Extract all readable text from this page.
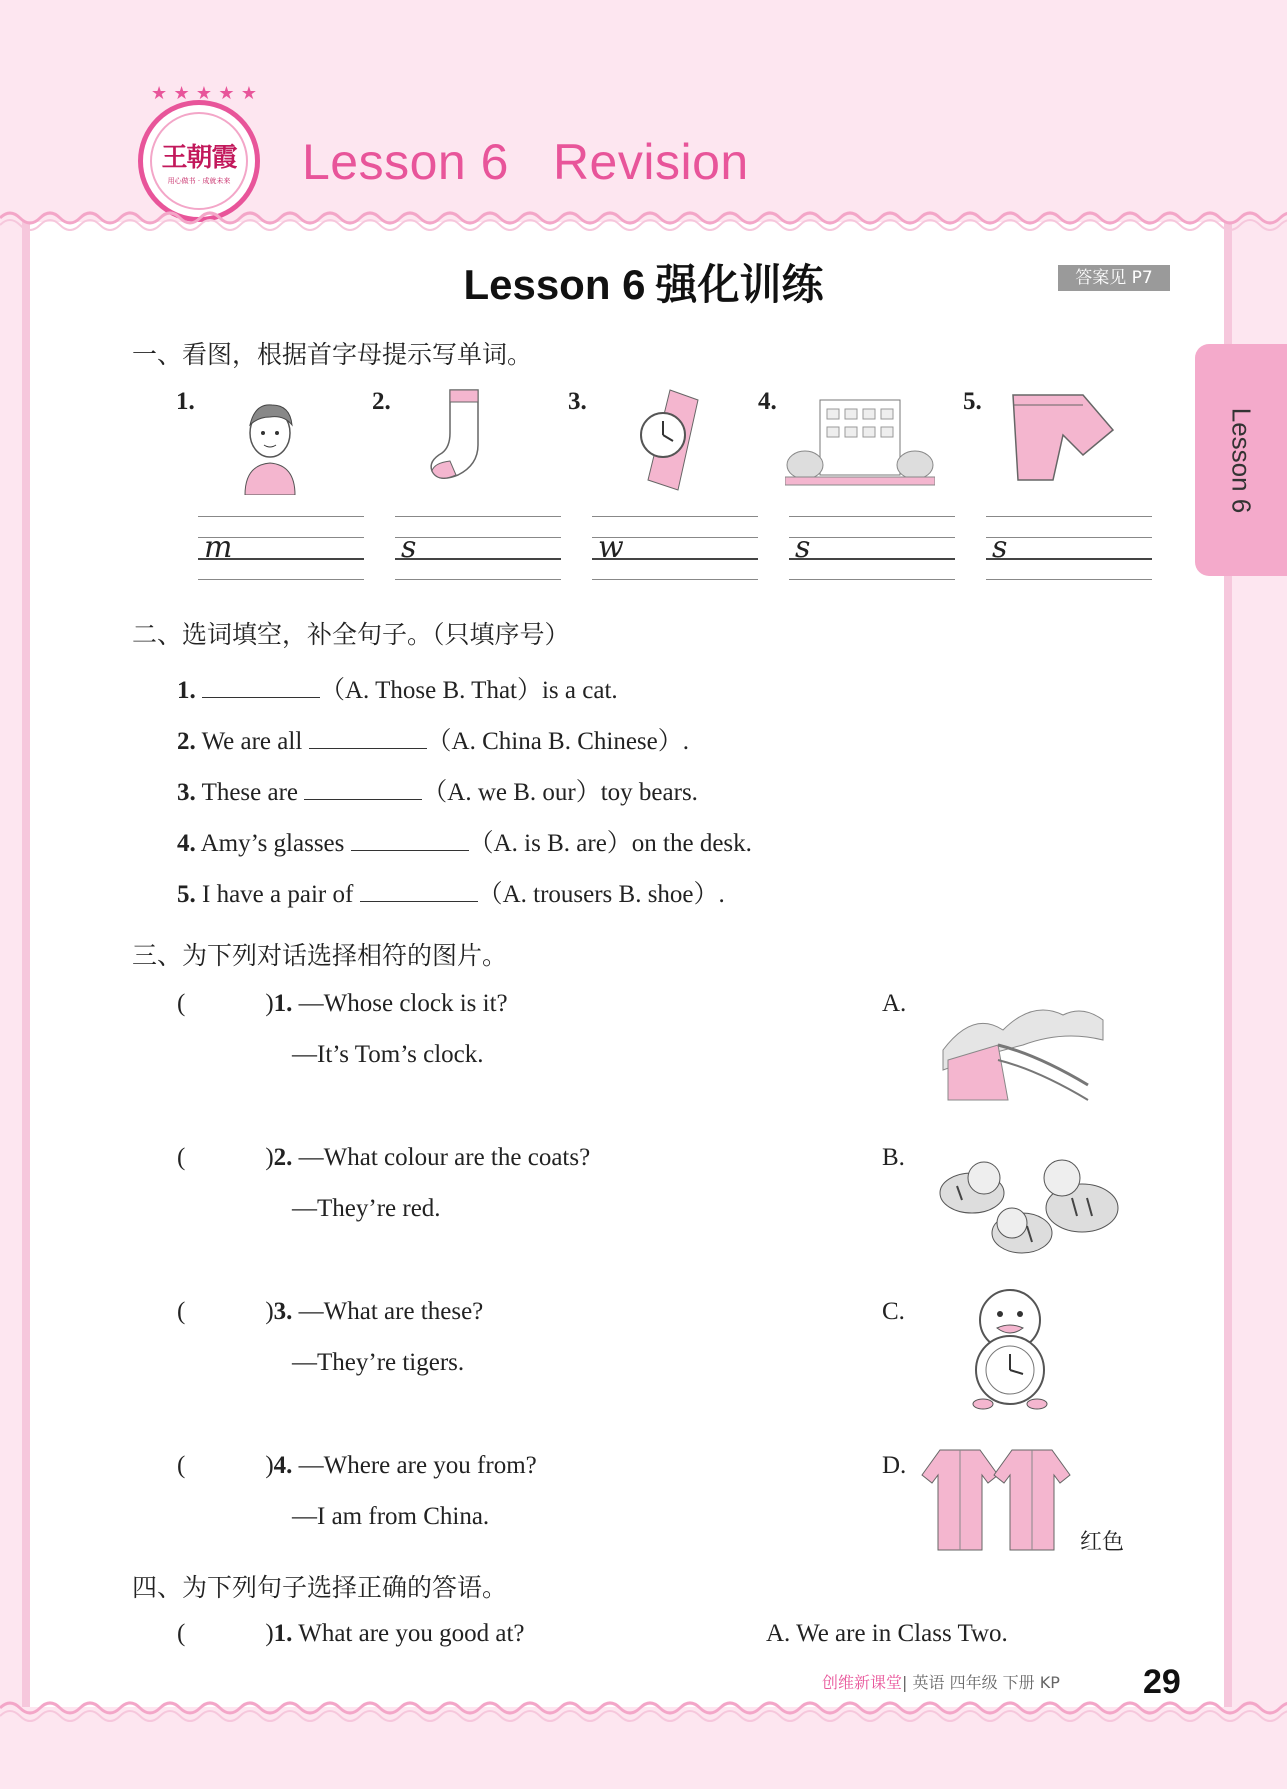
★ ★ ★ ★ ★
王朝霞
用心做书 · 成就未来 Lesson 6 Revision
Lesson 6
Lesson 6 强化训练	答案见 P7
一、看图，根据首字母提示写单词。
1.	2.	3.	4.	5.
m	s	w	s	s
二、选词填空，补全句子。（只填序号）
1.	（A. Those B. That）is a cat.
2. We are all	（A. China B. Chinese）.
3. These are	（A. we B. our）toy bears.
4. Amy’s glasses	（A. is B. are）on the desk.
5. I have a pair of	（A. trousers B. shoe）.
三、为下列对话选择相符的图片。
(	)1. —Whose clock is it?
—It’s Tom’s clock.
(	)2. —What colour are the coats?
—They’re red.
(	)3. —What are these?
—They’re tigers.
(	)4. —Where are you from?
—I am from China.
A.
B.
C.
D.
红色
四、为下列句子选择正确的答语。
(	)1. What are you good at?	A. We are in Class Two.
创维新课堂| 英语 四年级 下册 KP 29
